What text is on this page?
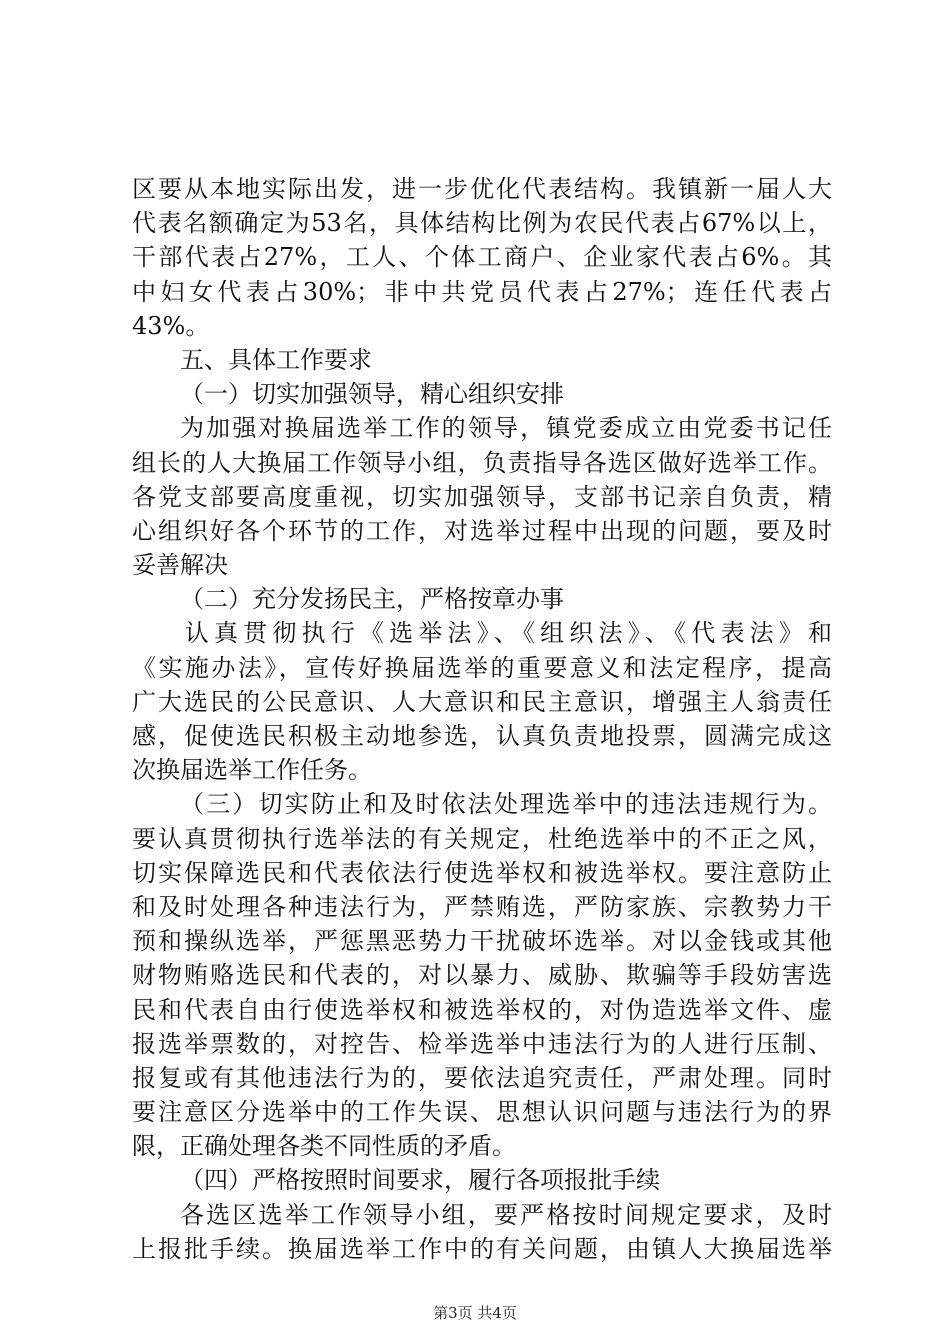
区要从本地实际出发，进一步优化代表结构。我镇新一届人大
代表名额确定为53名，具体结构比例为农民代表占67%以上，
干部代表占27%，工人、个体工商户、企业家代表占6%。其
中妇女代表占30%；非中共党员代表占27%；连任代表占
43%。
五、具体工作要求
（一）切实加强领导，精心组织安排
为加强对换届选举工作的领导，镇党委成立由党委书记任
组长的人大换届工作领导小组，负责指导各选区做好选举工作。
各党支部要高度重视，切实加强领导，支部书记亲自负责，精
心组织好各个环节的工作，对选举过程中出现的问题，要及时
妥善解决
（二）充分发扬民主，严格按章办事
认真贯彻执行《选举法》、《组织法》、《代表法》和
《实施办法》，宣传好换届选举的重要意义和法定程序，提高
广大选民的公民意识、人大意识和民主意识，增强主人翁责任
感，促使选民积极主动地参选，认真负责地投票，圆满完成这
次换届选举工作任务。
（三）切实防止和及时依法处理选举中的违法违规行为。
要认真贯彻执行选举法的有关规定，杜绝选举中的不正之风，
切实保障选民和代表依法行使选举权和被选举权。要注意防止
和及时处理各种违法行为，严禁贿选，严防家族、宗教势力干
预和操纵选举，严惩黑恶势力干扰破坏选举。对以金钱或其他
财物贿赂选民和代表的，对以暴力、威胁、欺骗等手段妨害选
民和代表自由行使选举权和被选举权的，对伪造选举文件、虚
报选举票数的，对控告、检举选举中违法行为的人进行压制、
报复或有其他违法行为的，要依法追究责任，严肃处理。同时
要注意区分选举中的工作失误、思想认识问题与违法行为的界
限，正确处理各类不同性质的矛盾。
（四）严格按照时间要求，履行各项报批手续
各选区选举工作领导小组，要严格按时间规定要求，及时
上报批手续。换届选举工作中的有关问题，由镇人大换届选举
第3页 共4页
